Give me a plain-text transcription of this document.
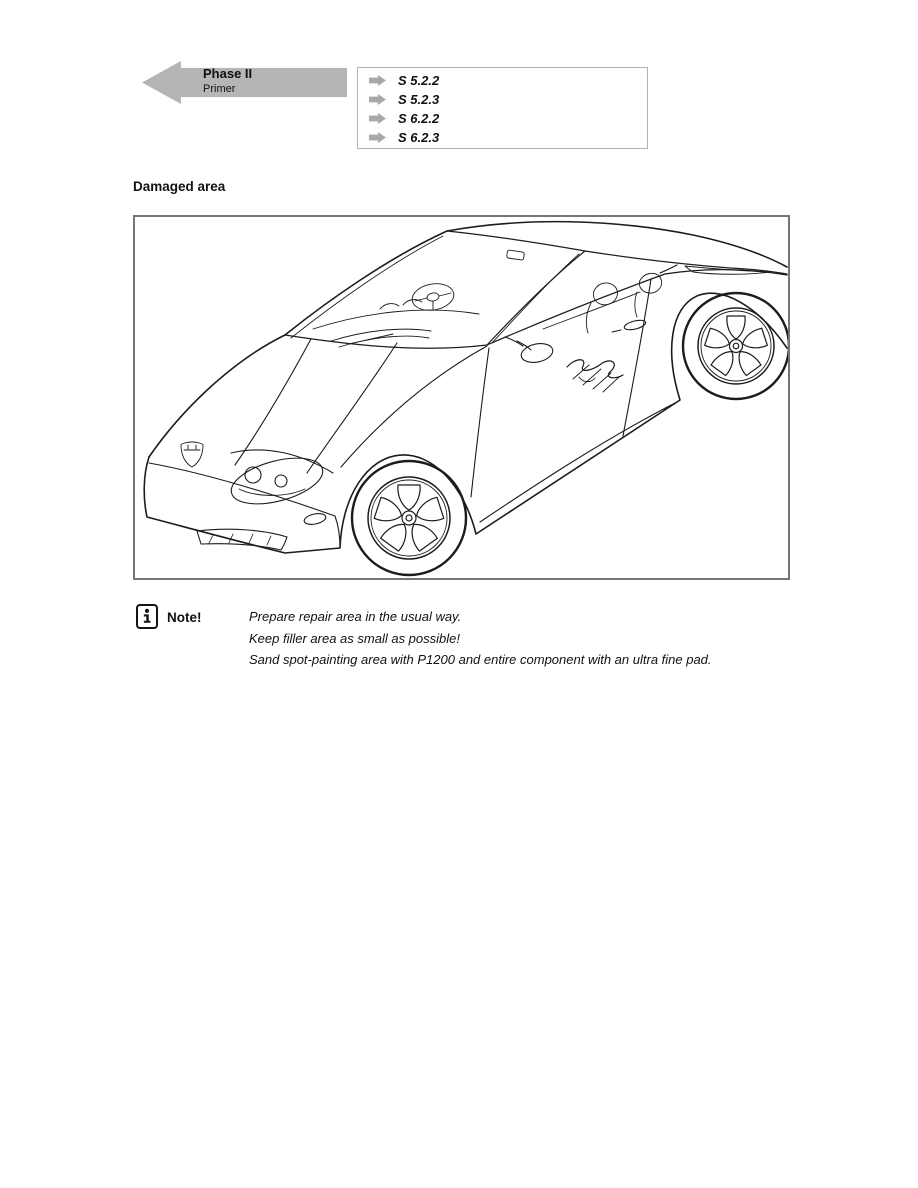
Phase II
Primer
S 5.2.2
S 5.2.3
S 6.2.2
S 6.2.3
Damaged area
Note!	Prepare repair area in the usual way.
Keep filler area as small as possible!
Sand spot-painting area with P1200 and entire component with an ultra fine pad.
